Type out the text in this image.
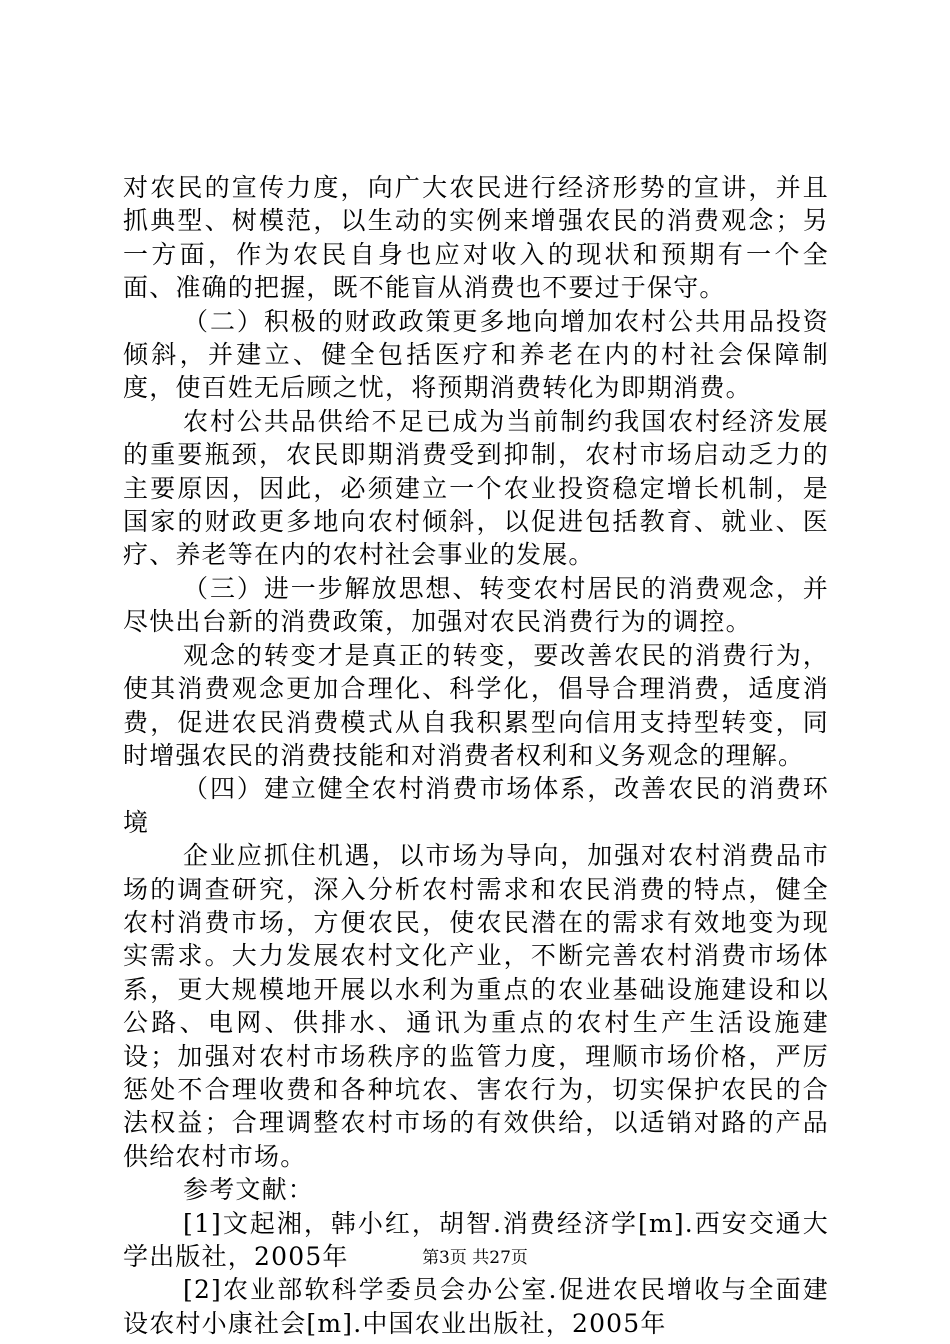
对农民的宣传力度，向广大农民进行经济形势的宣讲，并且抓典型、树模范，以生动的实例来增强农民的消费观念；另一方面，作为农民自身也应对收入的现状和预期有一个全面、准确的把握，既不能盲从消费也不要过于保守。

（二）积极的财政政策更多地向增加农村公共用品投资倾斜，并建立、健全包括医疗和养老在内的村社会保障制度，使百姓无后顾之忧，将预期消费转化为即期消费。

农村公共品供给不足已成为当前制约我国农村经济发展的重要瓶颈，农民即期消费受到抑制，农村市场启动乏力的主要原因，因此，必须建立一个农业投资稳定增长机制，是国家的财政更多地向农村倾斜，以促进包括教育、就业、医疗、养老等在内的农村社会事业的发展。

（三）进一步解放思想、转变农村居民的消费观念，并尽快出台新的消费政策，加强对农民消费行为的调控。

观念的转变才是真正的转变，要改善农民的消费行为，使其消费观念更加合理化、科学化，倡导合理消费，适度消费，促进农民消费模式从自我积累型向信用支持型转变，同时增强农民的消费技能和对消费者权利和义务观念的理解。

（四）建立健全农村消费市场体系，改善农民的消费环境

企业应抓住机遇，以市场为导向，加强对农村消费品市场的调查研究，深入分析农村需求和农民消费的特点，健全农村消费市场，方便农民，使农民潜在的需求有效地变为现实需求。大力发展农村文化产业，不断完善农村消费市场体系，更大规模地开展以水利为重点的农业基础设施建设和以公路、电网、供排水、通讯为重点的农村生产生活设施建设；加强对农村市场秩序的监管力度，理顺市场价格，严厉惩处不合理收费和各种坑农、害农行为，切实保护农民的合法权益；合理调整农村市场的有效供给，以适销对路的产品供给农村市场。

参考文献：

[1]文起湘，韩小红，胡智.消费经济学[m].西安交通大学出版社，2005年

[2]农业部软科学委员会办公室.促进农民增收与全面建设农村小康社会[m].中国农业出版社，2005年

第3页 共27页
